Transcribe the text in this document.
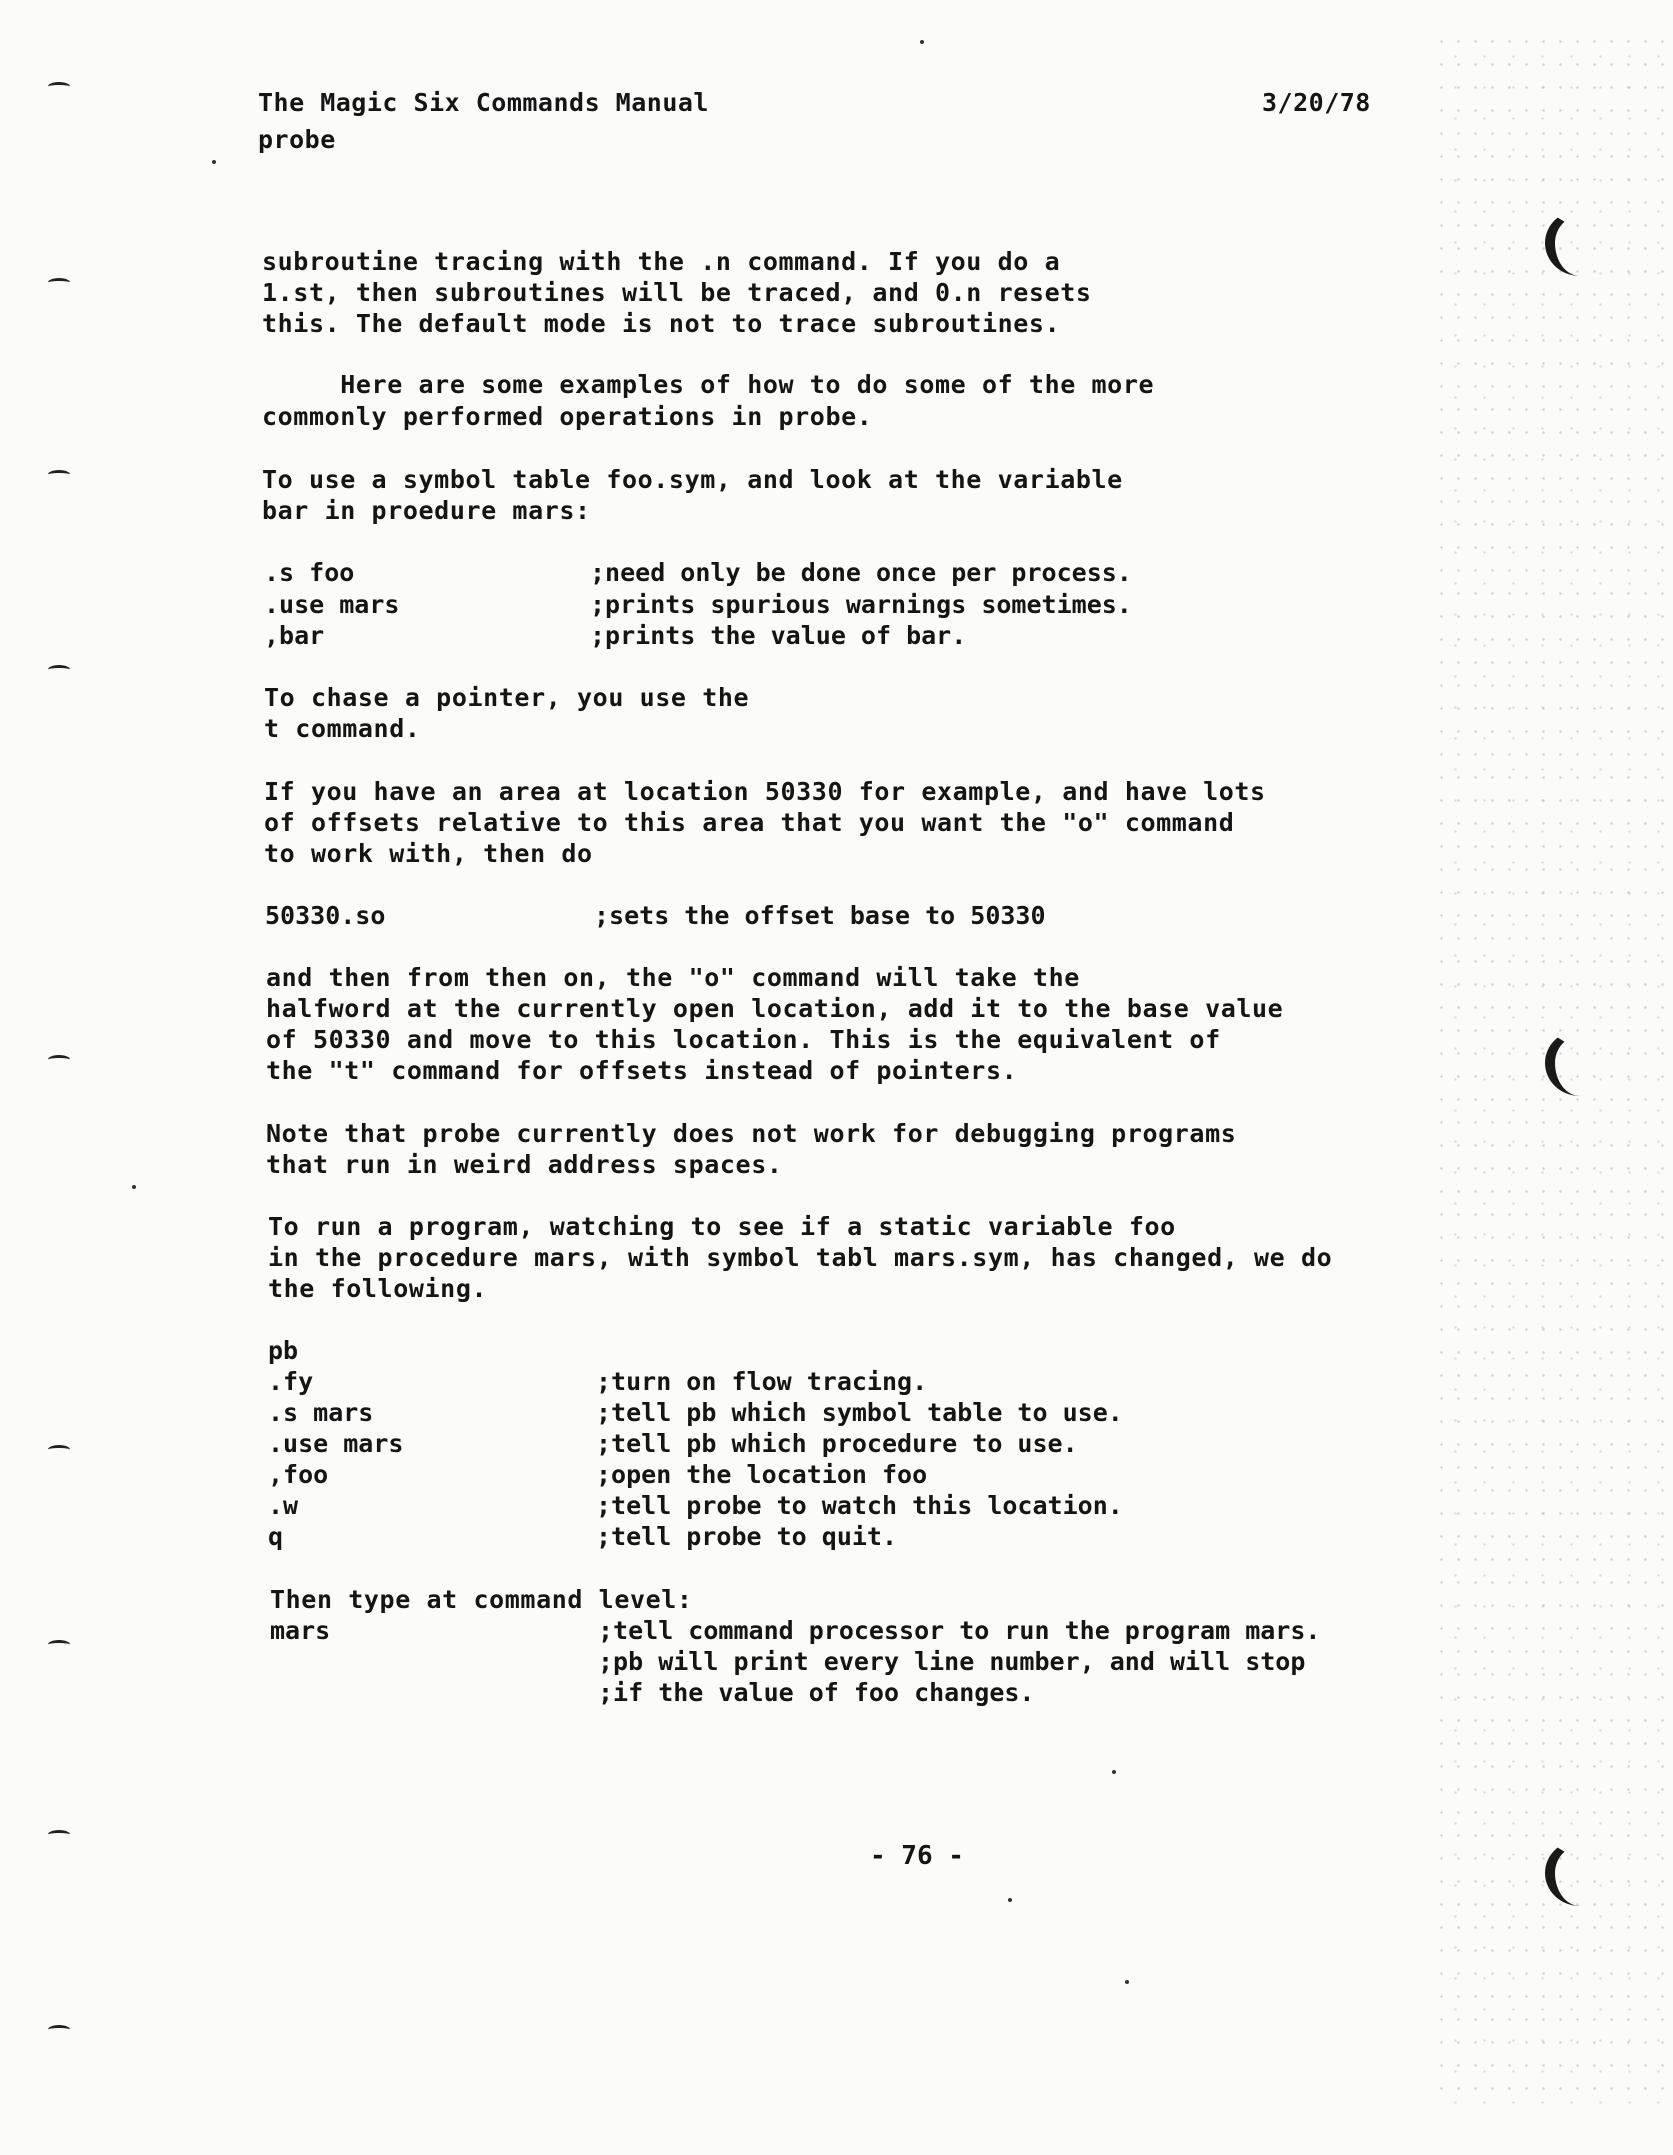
The Magic Six Commands Manual	3/20/78
probe
subroutine tracing with the .n command. If you do a
1.st, then subroutines will be traced, and 0.n resets
this. The default mode is not to trace subroutines.
Here are some examples of how to do some of the more
commonly performed operations in probe.
To use a symbol table foo.sym, and look at the variable
bar in proedure mars:
.s foo	;need only be done once per process.
.use mars	;prints spurious warnings sometimes.
,bar	;prints the value of bar.
To chase a pointer, you use the
t command.
If you have an area at location 50330 for example, and have lots
of offsets relative to this area that you want the "o" command
to work with, then do
50330.so	;sets the offset base to 50330
and then from then on, the "o" command will take the
halfword at the currently open location, add it to the base value
of 50330 and move to this location. This is the equivalent of
the "t" command for offsets instead of pointers.
Note that probe currently does not work for debugging programs
that run in weird address spaces.
To run a program, watching to see if a static variable foo
in the procedure mars, with symbol tabl mars.sym, has changed, we do
the following.
pb
.fy	;turn on flow tracing.
.s mars	;tell pb which symbol table to use.
.use mars	;tell pb which procedure to use.
,foo	;open the location foo
.w	;tell probe to watch this location.
q	;tell probe to quit.
Then type at command level:
mars	;tell command processor to run the program mars.
;pb will print every line number, and will stop
;if the value of foo changes.
- 76 -
